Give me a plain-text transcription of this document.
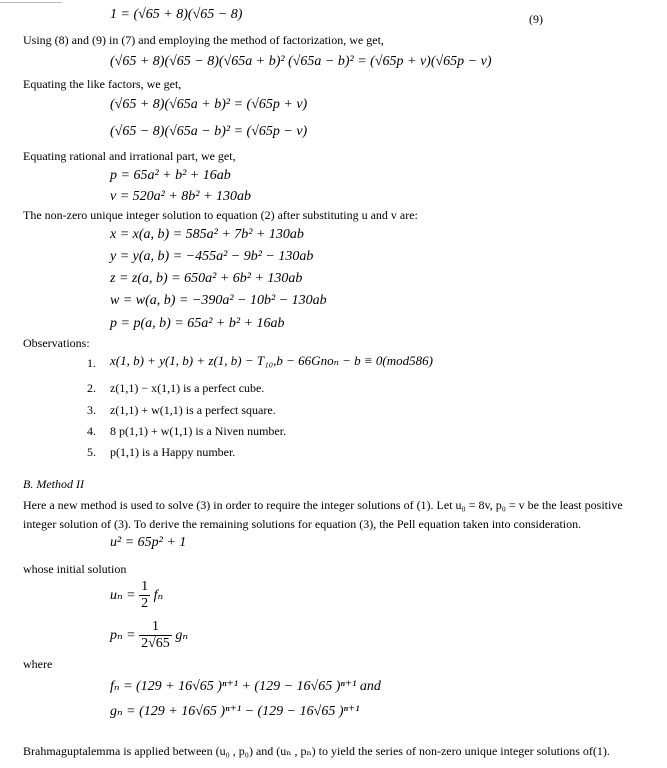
1 = (√65 + 8)(√65 − 8)	(9)
Using (8) and (9) in (7) and employing the method of factorization, we get,
(√65 + 8)(√65 − 8)(√65a + b)² (√65a − b)² = (√65p + v)(√65p − v)
Equating the like factors, we get,
(√65 + 8)(√65a + b)² = (√65p + v)
(√65 − 8)(√65a − b)² = (√65p − v)
Equating rational and irrational part, we get,
p = 65a² + b² + 16ab
v = 520a² + 8b² + 130ab
The non-zero unique integer solution to equation (2) after substituting u and v are:
x = x(a, b) = 585a² + 7b² + 130ab
y = y(a, b) = −455a² − 9b² − 130ab
z = z(a, b) = 650a² + 6b² + 130ab
w = w(a, b) = −390a² − 10b² − 130ab
p = p(a, b) = 65a² + b² + 16ab
Observations:
1. x(1, b) + y(1, b) + z(1, b) − T₁₀,b − 66Gnoₙ − b ≡ 0(mod586)
2. z(1,1) − x(1,1) is a perfect cube.
3. z(1,1) + w(1,1) is a perfect square.
4. 8 p(1,1) + w(1,1) is a Niven number.
5. p(1,1) is a Happy number.
B. Method II
Here a new method is used to solve (3) in order to require the integer solutions of (1). Let u₀ = 8v, p₀ = v be the least positive
integer solution of (3). To derive the remaining solutions for equation (3), the Pell equation taken into consideration.
u² = 65p² + 1
whose initial solution
$u_n = \frac{1}{2}$ fₙ
$p_n = \frac{1}{2√65}$ gₙ
where
fₙ = (129 + 16√65 )ⁿ⁺¹ + (129 − 16√65 )ⁿ⁺¹ and
gₙ = (129 + 16√65 )ⁿ⁺¹ − (129 − 16√65 )ⁿ⁺¹
Brahmaguptalemma is applied between (u₀ , p₀) and (uₙ , pₙ) to yield the series of non-zero unique integer solutions of(1).
